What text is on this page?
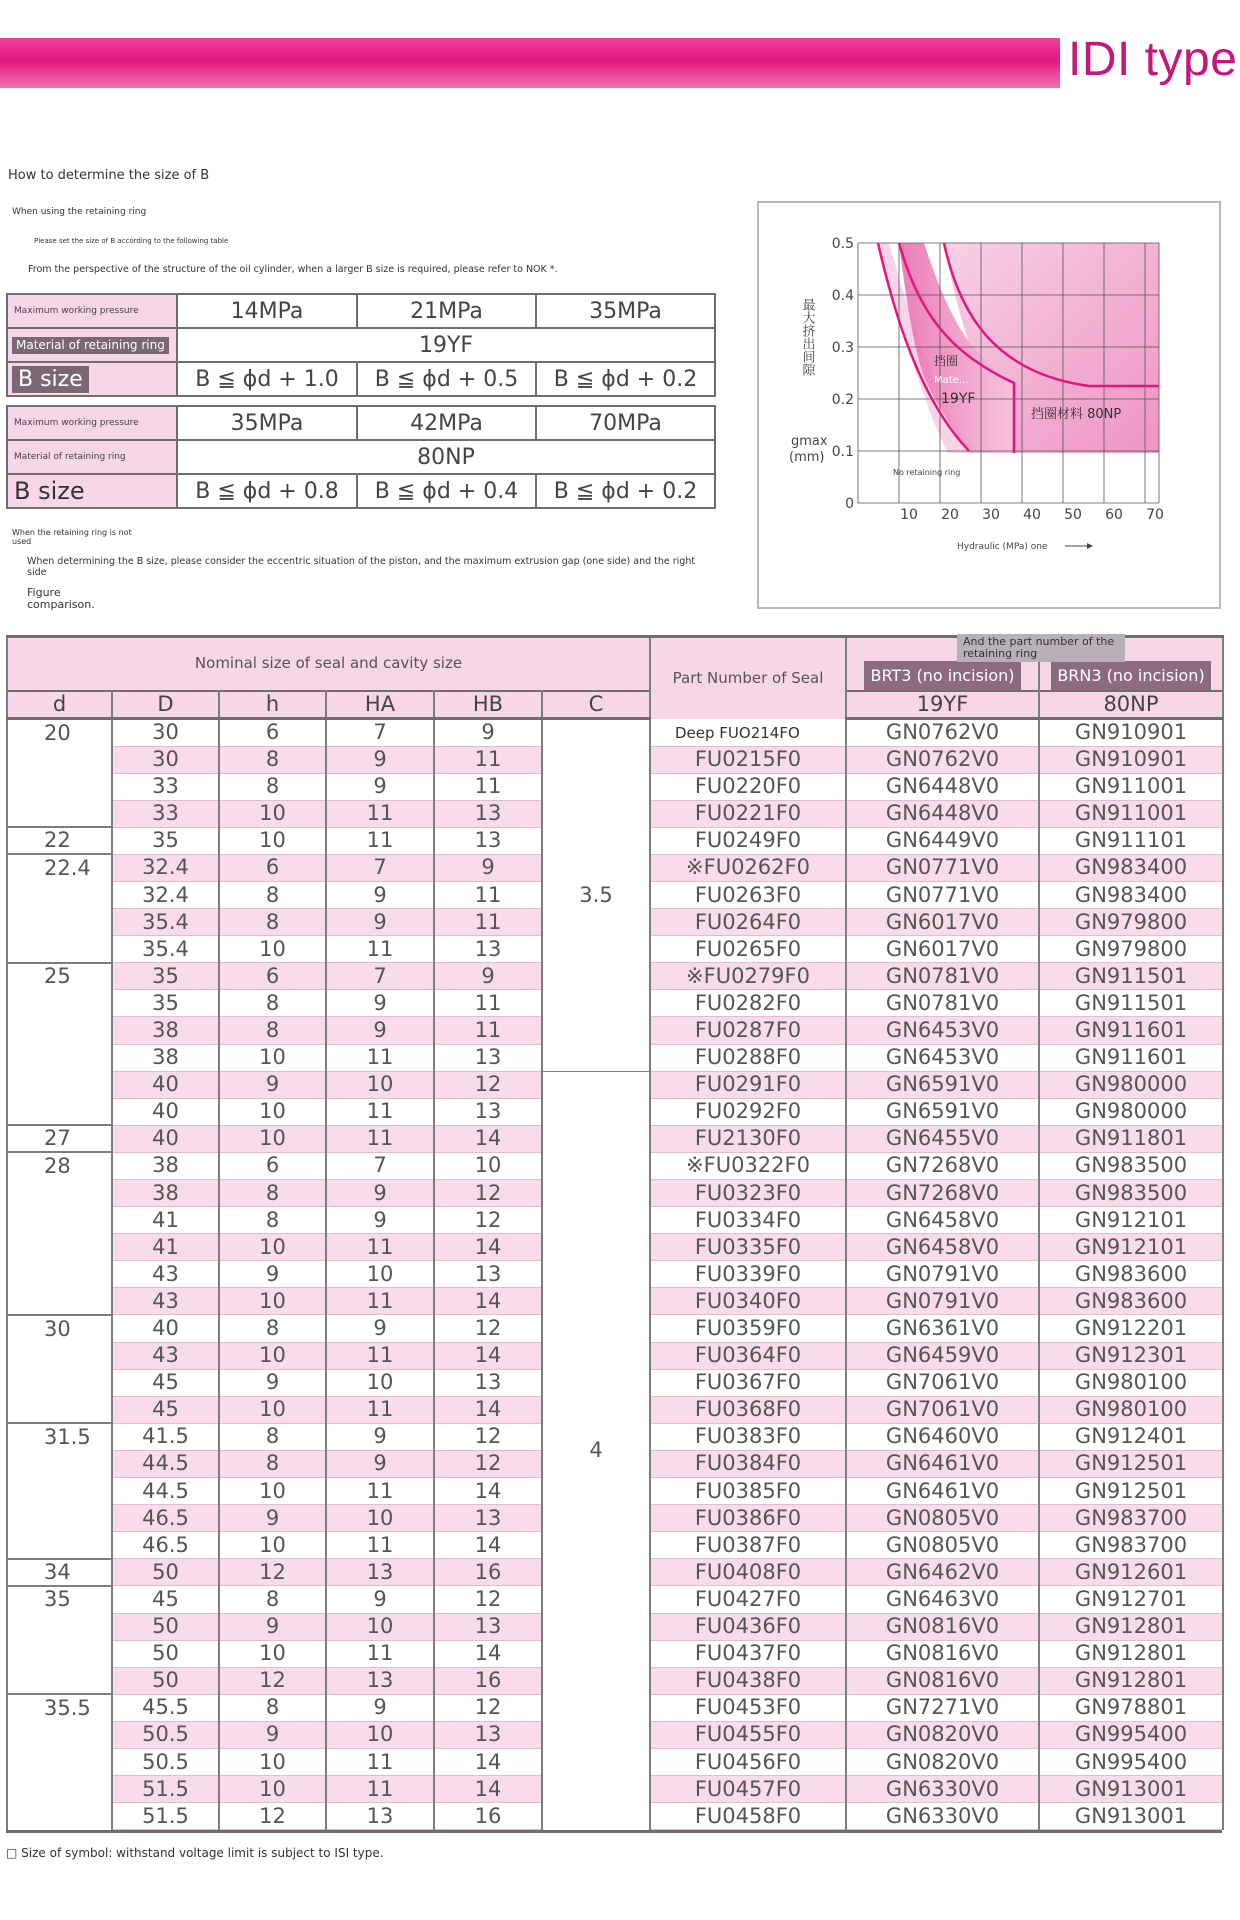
IDI type
How to determine the size of B
When using the retaining ring
Please set the size of B according to the following table
From the perspective of the structure of the oil cylinder, when a larger B size is required, please refer to NOK *.
Maximum working pressure	14MPa	21MPa	35MPa
Material of retaining ring	19YF		
B size	B ≦ ϕd + 1.0	B ≦ ϕd + 0.5	B ≦ ϕd + 0.2
Maximum working pressure	35MPa	42MPa	70MPa
Material of retaining ring	80NP		
B size	B ≦ ϕd + 0.8	B ≦ ϕd + 0.4	B ≦ ϕd + 0.2
When the retaining ring is not used
When determining the B size, please consider the eccentric situation of the piston, and the maximum extrusion gap (one side) and the right side
Figure comparison.
0.5
0.4
0.3
0.2
0.1
0
10 20 30 40 50 60 70
最大挤出间隙
gmax
(mm)
Hydraulic (MPa) one
挡圈
Mate...
19YF
挡圈材料 80NP
No retaining ring
Nominal size of seal and cavity size						Part Number of Seal	And the part number of the retaining ring
BRT3 (no incision)	BRN3 (no incision)
d	D	h	HA	HB	C		19YF	80NP
20	30	6	7	9	3.5	Deep FUO214FO	GN0762V0	GN910901
	30	8	9	11		FU0215F0	GN0762V0	GN910901
	33	8	9	11		FU0220F0	GN6448V0	GN911001
	33	10	11	13		FU0221F0	GN6448V0	GN911001
22	35	10	11	13		FU0249F0	GN6449V0	GN911101
22.4	32.4	6	7	9		※FU0262F0	GN0771V0	GN983400
	32.4	8	9	11		FU0263F0	GN0771V0	GN983400
	35.4	8	9	11		FU0264F0	GN6017V0	GN979800
	35.4	10	11	13		FU0265F0	GN6017V0	GN979800
25	35	6	7	9		※FU0279F0	GN0781V0	GN911501
	35	8	9	11		FU0282F0	GN0781V0	GN911501
	38	8	9	11		FU0287F0	GN6453V0	GN911601
	38	10	11	13		FU0288F0	GN6453V0	GN911601
	40	9	10	12	4	FU0291F0	GN6591V0	GN980000
	40	10	11	13		FU0292F0	GN6591V0	GN980000
27	40	10	11	14		FU2130F0	GN6455V0	GN911801
28	38	6	7	10		※FU0322F0	GN7268V0	GN983500
	38	8	9	12		FU0323F0	GN7268V0	GN983500
	41	8	9	12		FU0334F0	GN6458V0	GN912101
	41	10	11	14		FU0335F0	GN6458V0	GN912101
	43	9	10	13		FU0339F0	GN0791V0	GN983600
	43	10	11	14		FU0340F0	GN0791V0	GN983600
30	40	8	9	12		FU0359F0	GN6361V0	GN912201
	43	10	11	14		FU0364F0	GN6459V0	GN912301
	45	9	10	13		FU0367F0	GN7061V0	GN980100
	45	10	11	14		FU0368F0	GN7061V0	GN980100
31.5	41.5	8	9	12		FU0383F0	GN6460V0	GN912401
	44.5	8	9	12		FU0384F0	GN6461V0	GN912501
	44.5	10	11	14		FU0385F0	GN6461V0	GN912501
	46.5	9	10	13		FU0386F0	GN0805V0	GN983700
	46.5	10	11	14		FU0387F0	GN0805V0	GN983700
34	50	12	13	16		FU0408F0	GN6462V0	GN912601
35	45	8	9	12		FU0427F0	GN6463V0	GN912701
	50	9	10	13		FU0436F0	GN0816V0	GN912801
	50	10	11	14		FU0437F0	GN0816V0	GN912801
	50	12	13	16		FU0438F0	GN0816V0	GN912801
35.5	45.5	8	9	12		FU0453F0	GN7271V0	GN978801
	50.5	9	10	13		FU0455F0	GN0820V0	GN995400
	50.5	10	11	14		FU0456F0	GN0820V0	GN995400
	51.5	10	11	14		FU0457F0	GN6330V0	GN913001
	51.5	12	13	16		FU0458F0	GN6330V0	GN913001
□ Size of symbol: withstand voltage limit is subject to ISI type.
